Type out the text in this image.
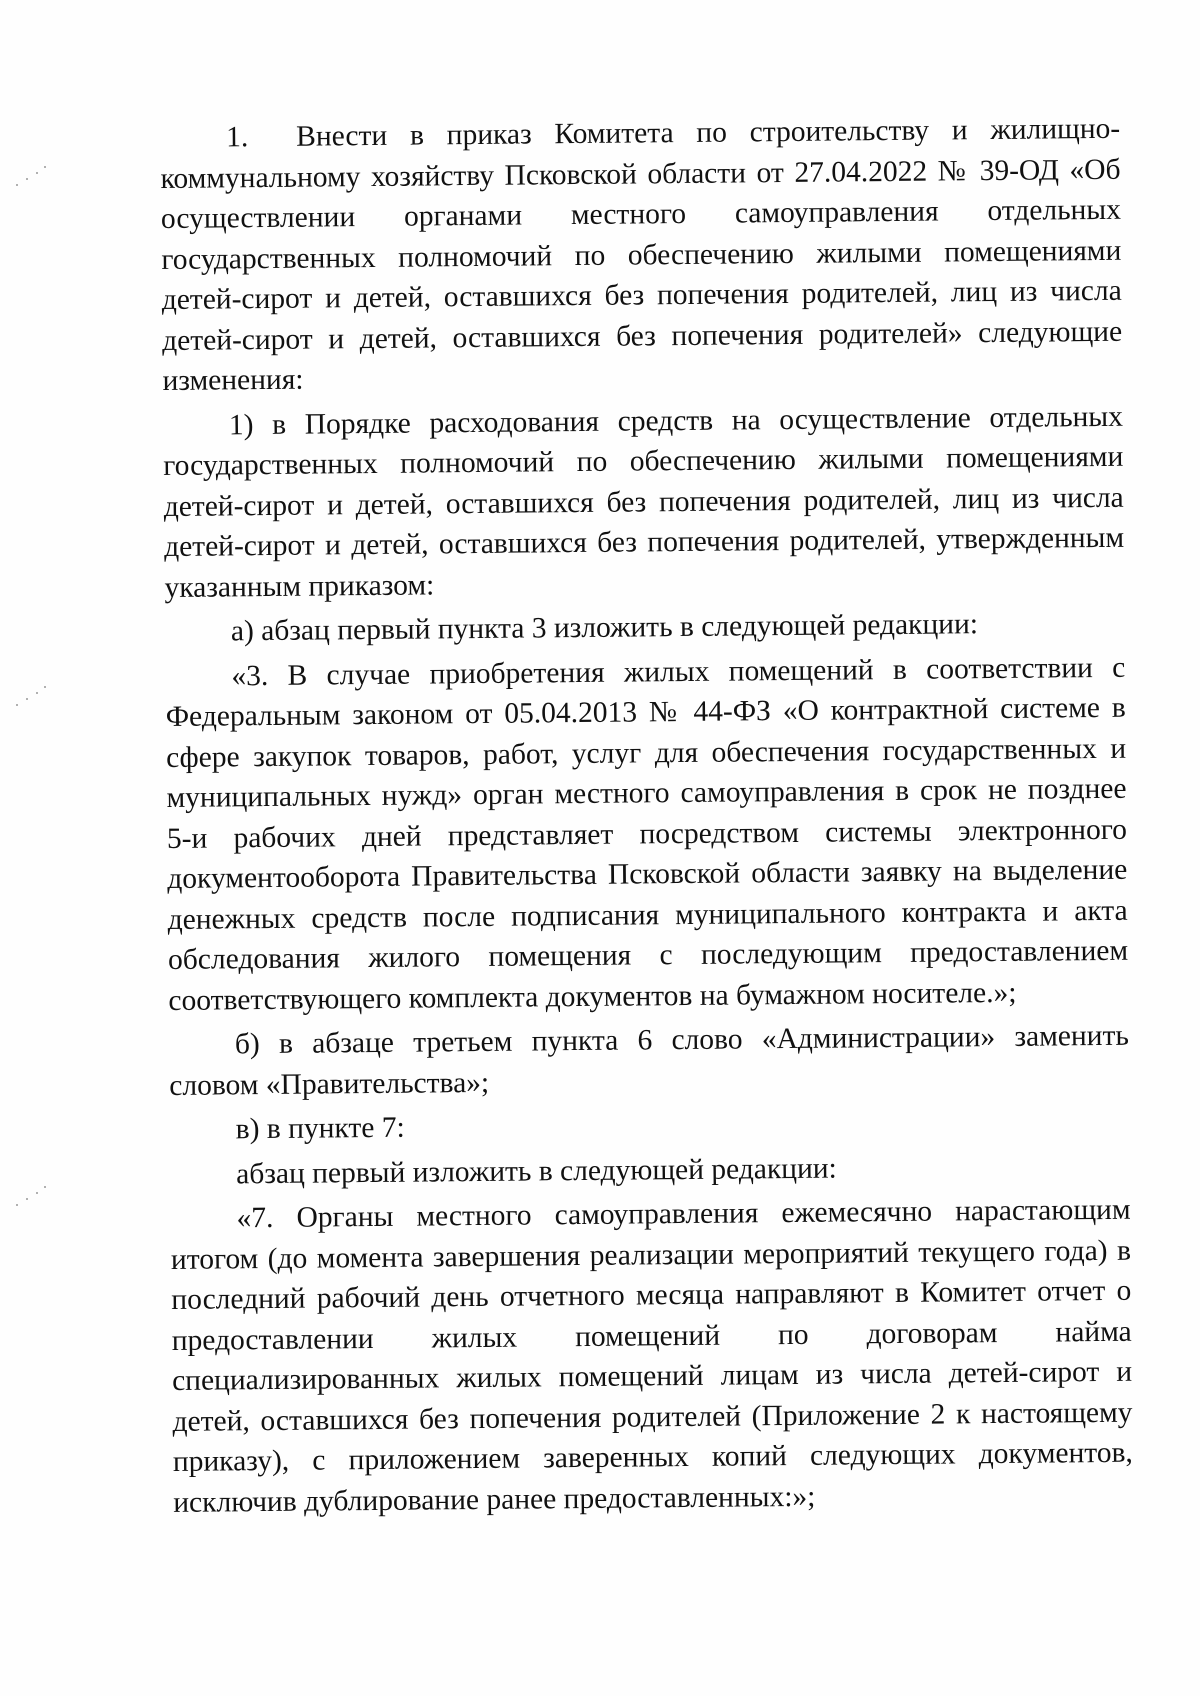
1. Внести в приказ Комитета по строительству и жилищно-коммунальному хозяйству Псковской области от 27.04.2022 № 39-ОД «Об осуществлении органами местного самоуправления отдельных государственных полномочий по обеспечению жилыми помещениями детей-сирот и детей, оставшихся без попечения родителей, лиц из числа детей-сирот и детей, оставшихся без попечения родителей» следующие изменения:

1) в Порядке расходования средств на осуществление отдельных государственных полномочий по обеспечению жилыми помещениями детей-сирот и детей, оставшихся без попечения родителей, лиц из числа детей-сирот и детей, оставшихся без попечения родителей, утвержденным указанным приказом:

а) абзац первый пункта 3 изложить в следующей редакции:

«3. В случае приобретения жилых помещений в соответствии с Федеральным законом от 05.04.2013 № 44-ФЗ «О контрактной системе в сфере закупок товаров, работ, услуг для обеспечения государственных и муниципальных нужд» орган местного самоуправления в срок не позднее 5-и рабочих дней представляет посредством системы электронного документооборота Правительства Псковской области заявку на выделение денежных средств после подписания муниципального контракта и акта обследования жилого помещения с последующим предоставлением соответствующего комплекта документов на бумажном носителе.»;

б) в абзаце третьем пункта 6 слово «Администрации» заменить словом «Правительства»;

в) в пункте 7:

абзац первый изложить в следующей редакции:

«7. Органы местного самоуправления ежемесячно нарастающим итогом (до момента завершения реализации мероприятий текущего года) в последний рабочий день отчетного месяца направляют в Комитет отчет о предоставлении жилых помещений по договорам найма специализированных жилых помещений лицам из числа детей-сирот и детей, оставшихся без попечения родителей (Приложение 2 к настоящему приказу), с приложением заверенных копий следующих документов, исключив дублирование ранее предоставленных:»;
